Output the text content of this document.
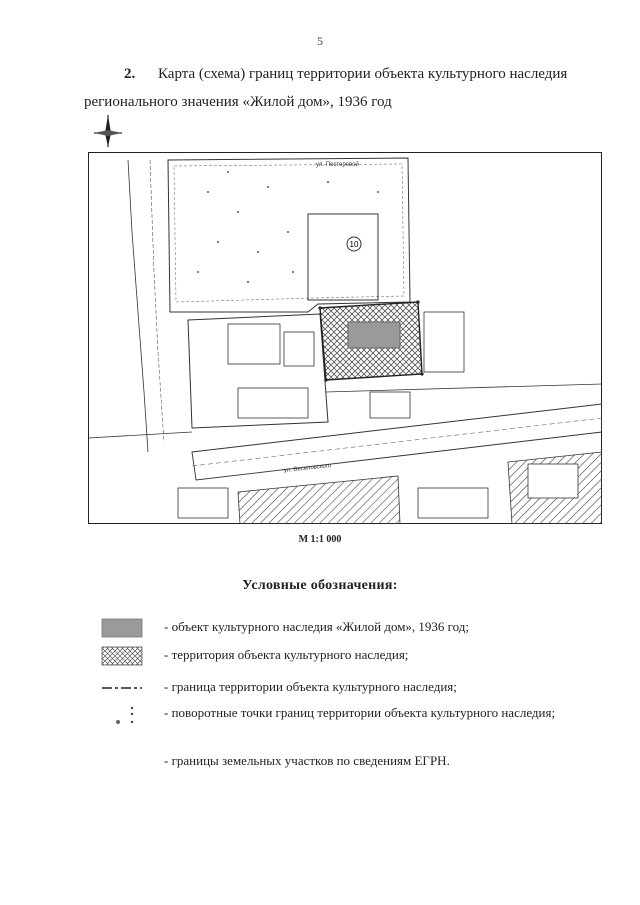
5
2. Карта (схема) границ территории объекта культурного наследия регионального значения «Жилой дом», 1936 год
10
ул. Пестеревой
ул. Веселовского
М 1:1 000
Условные обозначения:
- объект культурного наследия «Жилой дом», 1936 год;
- территория объекта культурного наследия;
- граница территории объекта культурного наследия;
- поворотные точки границ территории объекта культурного наследия;
- границы земельных участков по сведениям ЕГРН.
